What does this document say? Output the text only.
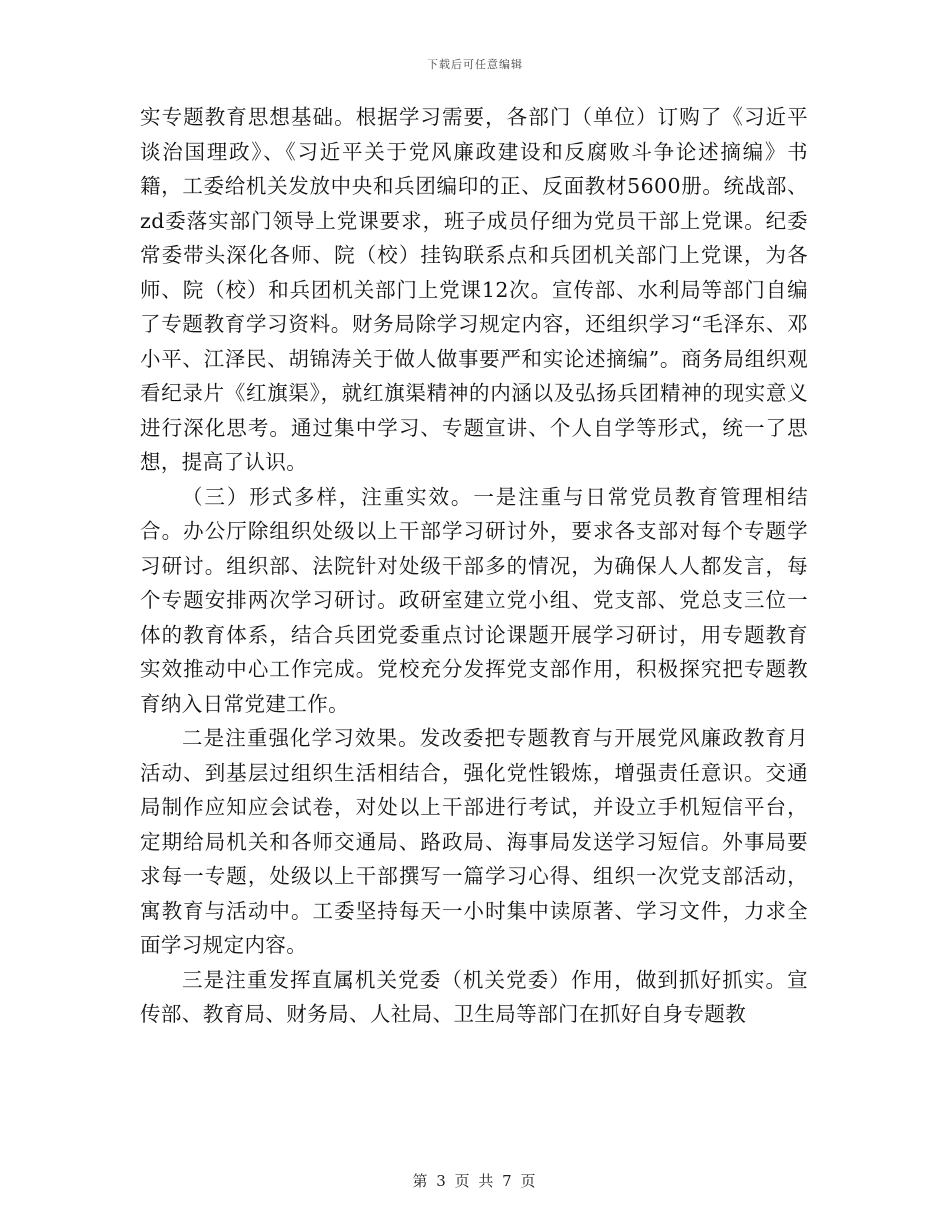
下载后可任意编辑

实专题教育思想基础。根据学习需要，各部门（单位）订购了《习近平谈治国理政》、《习近平关于党风廉政建设和反腐败斗争论述摘编》书籍，工委给机关发放中央和兵团编印的正、反面教材5600册。统战部、zd委落实部门领导上党课要求，班子成员仔细为党员干部上党课。纪委常委带头深化各师、院（校）挂钩联系点和兵团机关部门上党课，为各师、院（校）和兵团机关部门上党课12次。宣传部、水利局等部门自编了专题教育学习资料。财务局除学习规定内容，还组织学习“毛泽东、邓小平、江泽民、胡锦涛关于做人做事要严和实论述摘编”。商务局组织观看纪录片《红旗渠》，就红旗渠精神的内涵以及弘扬兵团精神的现实意义进行深化思考。通过集中学习、专题宣讲、个人自学等形式，统一了思想，提高了认识。

（三）形式多样，注重实效。一是注重与日常党员教育管理相结合。办公厅除组织处级以上干部学习研讨外，要求各支部对每个专题学习研讨。组织部、法院针对处级干部多的情况，为确保人人都发言，每个专题安排两次学习研讨。政研室建立党小组、党支部、党总支三位一体的教育体系，结合兵团党委重点讨论课题开展学习研讨，用专题教育实效推动中心工作完成。党校充分发挥党支部作用，积极探究把专题教育纳入日常党建工作。

二是注重强化学习效果。发改委把专题教育与开展党风廉政教育月活动、到基层过组织生活相结合，强化党性锻炼，增强责任意识。交通局制作应知应会试卷，对处以上干部进行考试，并设立手机短信平台，定期给局机关和各师交通局、路政局、海事局发送学习短信。外事局要求每一专题，处级以上干部撰写一篇学习心得、组织一次党支部活动，寓教育与活动中。工委坚持每天一小时集中读原著、学习文件，力求全面学习规定内容。

三是注重发挥直属机关党委（机关党委）作用，做到抓好抓实。宣传部、教育局、财务局、人社局、卫生局等部门在抓好自身专题教

第 3 页 共 7 页
